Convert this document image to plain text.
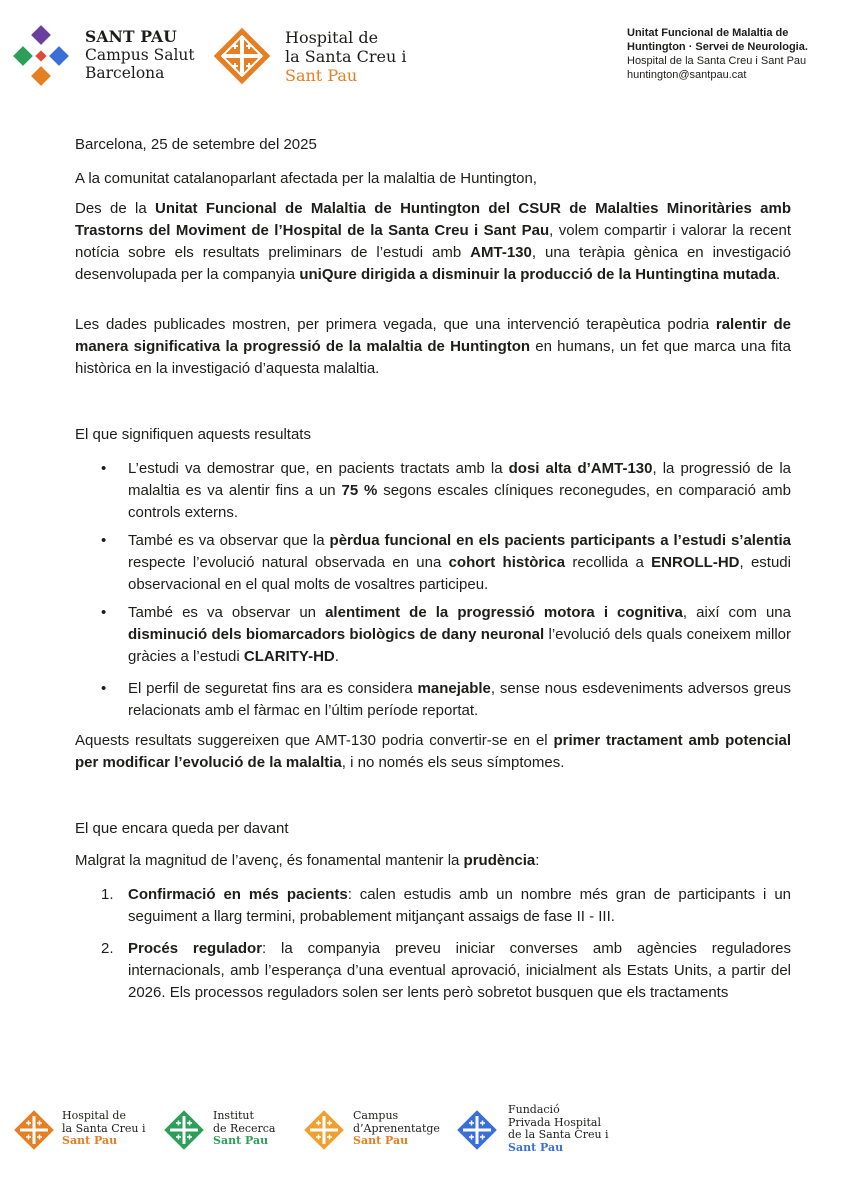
SANT PAU
Campus Salut
Barcelona
Hospital de
la Santa Creu i
Sant Pau
Unitat Funcional de Malaltia de
Huntington · Servei de Neurologia.
Hospital de la Santa Creu i Sant Pau
huntington@santpau.cat
Barcelona, 25 de setembre del 2025
A la comunitat catalanoparlant afectada per la malaltia de Huntington,
Des de la Unitat Funcional de Malaltia de Huntington del CSUR de Malalties Minoritàries amb Trastorns del Moviment de l’Hospital de la Santa Creu i Sant Pau, volem compartir i valorar la recent notícia sobre els resultats preliminars de l’estudi amb AMT-130, una teràpia gènica en investigació desenvolupada per la companyia uniQure dirigida a disminuir la producció de la Huntingtina mutada.
Les dades publicades mostren, per primera vegada, que una intervenció terapèutica podria ralentir de manera significativa la progressió de la malaltia de Huntington en humans, un fet que marca una fita històrica en la investigació d’aquesta malaltia.
El que signifiquen aquests resultats
• L’estudi va demostrar que, en pacients tractats amb la dosi alta d’AMT-130, la progressió de la malaltia es va alentir fins a un 75 % segons escales clíniques reconegudes, en comparació amb controls externs.
• També es va observar que la pèrdua funcional en els pacients participants a l’estudi s’alentia respecte l’evolució natural observada en una cohort històrica recollida a ENROLL-HD, estudi observacional en el qual molts de vosaltres participeu.
• També es va observar un alentiment de la progressió motora i cognitiva, així com una disminució dels biomarcadors biològics de dany neuronal l’evolució dels quals coneixem millor gràcies a l’estudi CLARITY-HD.
• El perfil de seguretat fins ara es considera manejable, sense nous esdeveniments adversos greus relacionats amb el fàrmac en l’últim període reportat.
Aquests resultats suggereixen que AMT-130 podria convertir-se en el primer tractament amb potencial per modificar l’evolució de la malaltia, i no només els seus símptomes.
El que encara queda per davant
Malgrat la magnitud de l’avenç, és fonamental mantenir la prudència:
1. Confirmació en més pacients: calen estudis amb un nombre més gran de participants i un seguiment a llarg termini, probablement mitjançant assaigs de fase II - III.
2. Procés regulador: la companyia preveu iniciar converses amb agències reguladores internacionals, amb l’esperança d’una eventual aprovació, inicialment als Estats Units, a partir del 2026. Els processos reguladors solen ser lents però sobretot busquen que els tractaments
Hospital de
la Santa Creu i
Sant Pau
Institut
de Recerca
Sant Pau
Campus
d’Aprenentatge
Sant Pau
Fundació
Privada Hospital
de la Santa Creu i
Sant Pau
